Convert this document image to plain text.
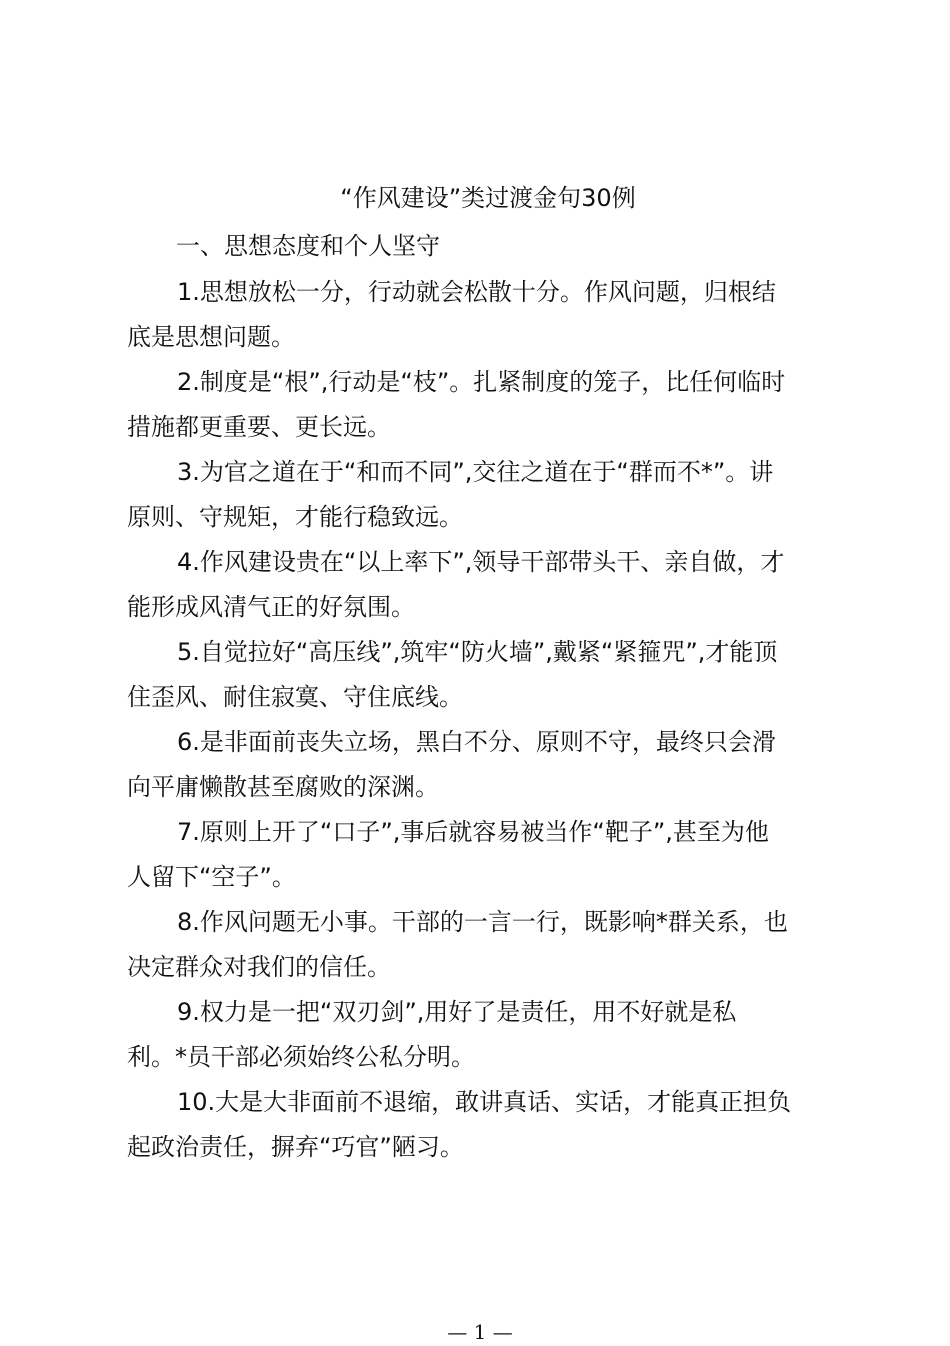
“作风建设”类过渡金句30例
一、思想态度和个人坚守
1.思想放松一分，行动就会松散十分。作风问题，归根结
底是思想问题。
2.制度是“根”,行动是“枝”。扎紧制度的笼子，比任何临时
措施都更重要、更长远。
3.为官之道在于“和而不同”,交往之道在于“群而不*”。讲
原则、守规矩，才能行稳致远。
4.作风建设贵在“以上率下”,领导干部带头干、亲自做，才
能形成风清气正的好氛围。
5.自觉拉好“高压线”,筑牢“防火墙”,戴紧“紧箍咒”,才能顶
住歪风、耐住寂寞、守住底线。
6.是非面前丧失立场，黑白不分、原则不守，最终只会滑
向平庸懒散甚至腐败的深渊。
7.原则上开了“口子”,事后就容易被当作“靶子”,甚至为他
人留下“空子”。
8.作风问题无小事。干部的一言一行，既影响*群关系，也
决定群众对我们的信任。
9.权力是一把“双刃剑”,用好了是责任，用不好就是私
利。*员干部必须始终公私分明。
10.大是大非面前不退缩，敢讲真话、实话，才能真正担负
起政治责任，摒弃“巧官”陋习。
— 1 —
